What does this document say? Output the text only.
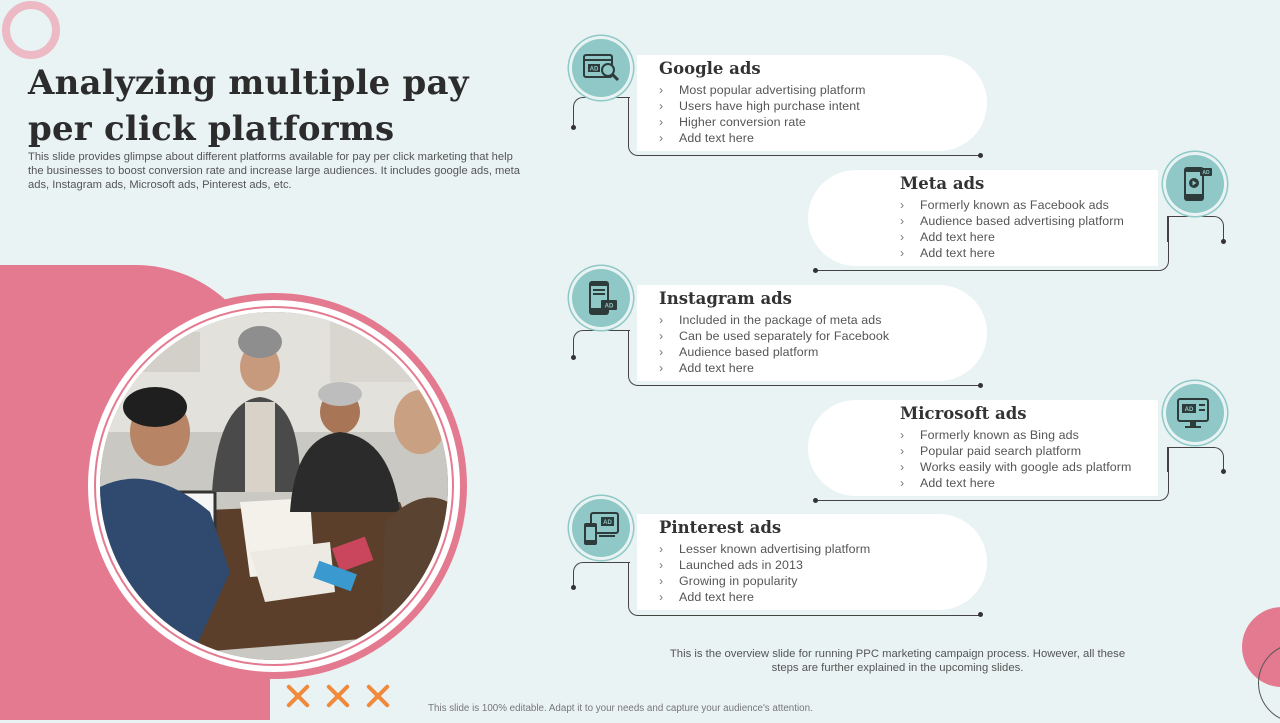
Analyzing multiple pay
per click platforms
This slide provides glimpse about different platforms available for pay per click marketing that help the businesses to boost conversion rate and increase large audiences. It includes google ads, meta ads, Instagram ads, Microsoft ads, Pinterest ads, etc.
Google ads
› Most popular advertising platform
› Users have high purchase intent
› Higher conversion rate
› Add text here
Meta ads
› Formerly known as Facebook ads
› Audience based advertising platform
› Add text here
› Add text here
Instagram ads
› Included in the package of meta ads
› Can be used separately for Facebook
› Audience based platform
› Add text here
Microsoft ads
› Formerly known as Bing ads
› Popular paid search platform
› Works easily with google ads platform
› Add text here
Pinterest ads
› Lesser known advertising platform
› Launched ads in 2013
› Growing in popularity
› Add text here
AD
AD
AD
AD
AD
This is the overview slide for running PPC marketing campaign process. However, all these steps are further explained in the upcoming slides.
This slide is 100% editable. Adapt it to your needs and capture your audience's attention.
